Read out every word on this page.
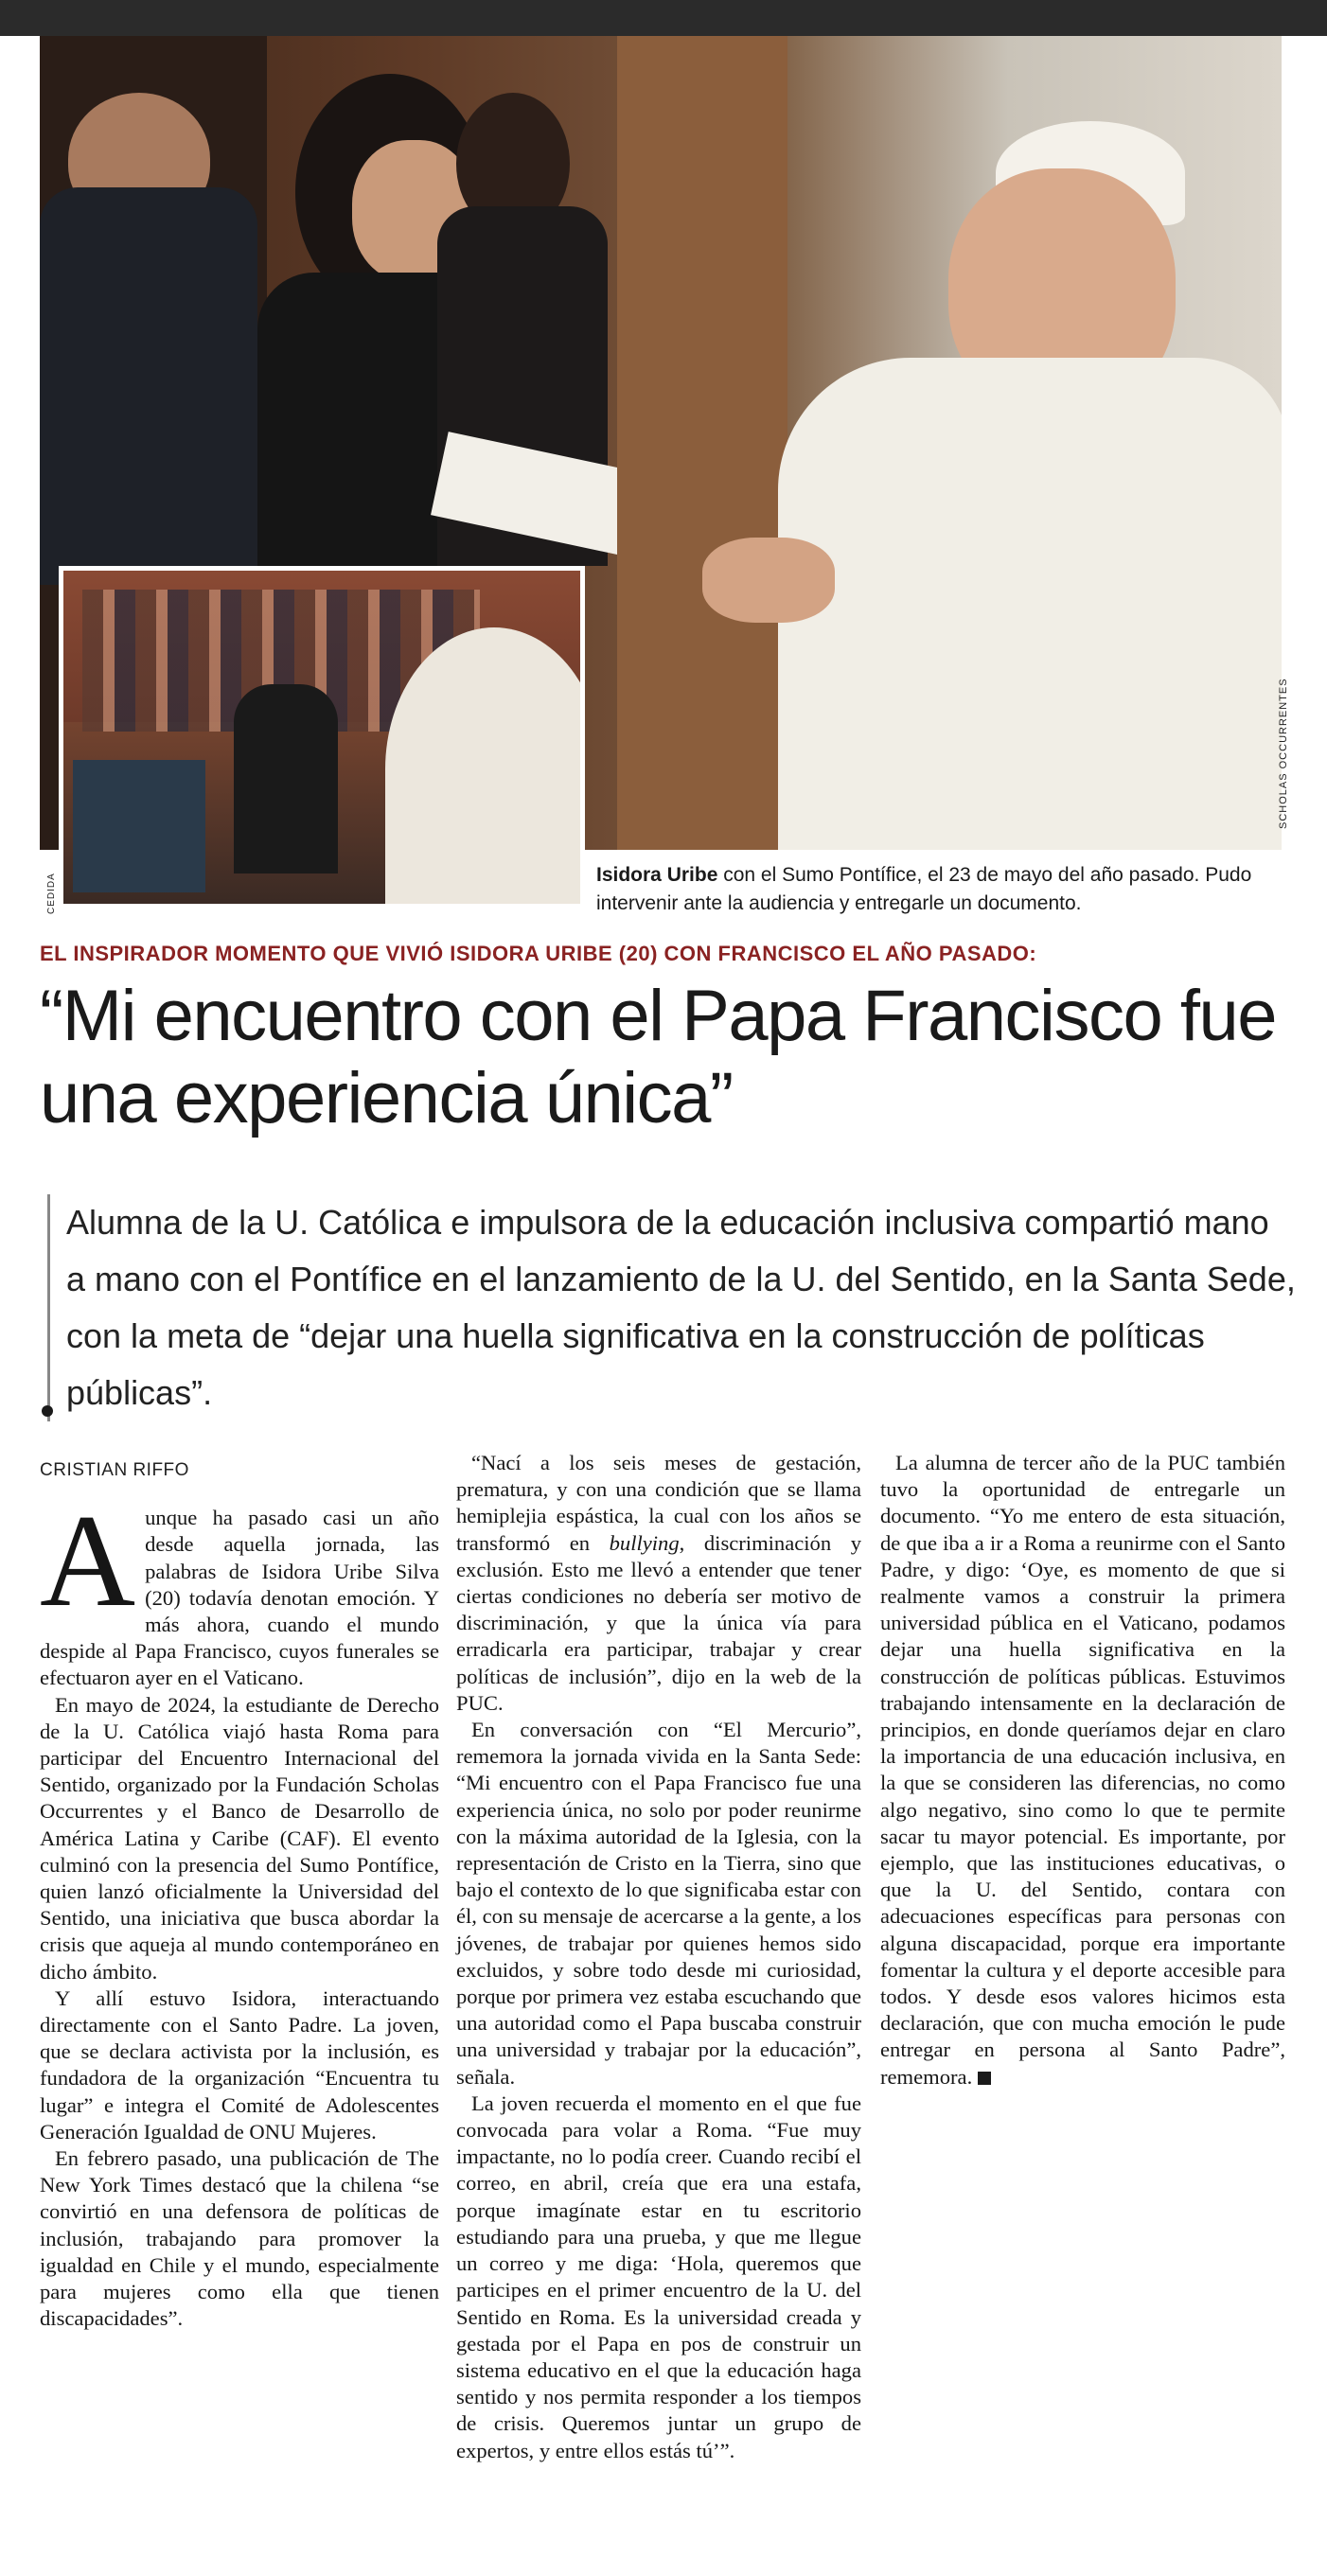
SCHOLAS OCCURRENTES
CEDIDA	Isidora Uribe con el Sumo Pontífice, el 23 de mayo del año pasado. Pudo intervenir ante la audiencia y entregarle un documento.
EL INSPIRADOR MOMENTO QUE VIVIÓ ISIDORA URIBE (20) CON FRANCISCO EL AÑO PASADO:
“Mi encuentro con el Papa Francisco fue una experiencia única”

Alumna de la U. Católica e impulsora de la educación inclusiva compartió mano a mano con el Pontífice en el lanzamiento de la U. del Sentido, en la Santa Sede, con la meta de “dejar una huella significativa en la construcción de políticas públicas”.

CRISTIAN RIFFO

Aunque ha pasado casi un año desde aquella jornada, las palabras de Isidora Uribe Silva (20) todavía denotan emoción. Y más ahora, cuando el mundo despide al Papa Francisco, cuyos funerales se efectuaron ayer en el Vaticano.

En mayo de 2024, la estudiante de Derecho de la U. Católica viajó hasta Roma para participar del Encuentro Internacional del Sentido, organizado por la Fundación Scholas Occurrentes y el Banco de Desarrollo de América Latina y Caribe (CAF). El evento culminó con la presencia del Sumo Pontífice, quien lanzó oficialmente la Universidad del Sentido, una iniciativa que busca abordar la crisis que aqueja al mundo contemporáneo en dicho ámbito.

Y allí estuvo Isidora, interactuando directamente con el Santo Padre. La joven, que se declara activista por la inclusión, es fundadora de la organización “Encuentra tu lugar” e integra el Comité de Adolescentes Generación Igualdad de ONU Mujeres.

En febrero pasado, una publicación de The New York Times destacó que la chilena “se convirtió en una defensora de políticas de inclusión, trabajando para promover la igualdad en Chile y el mundo, especialmente para mujeres como ella que tienen discapacidades”.

“Nací a los seis meses de gestación, prematura, y con una condición que se llama hemiplejia espástica, la cual con los años se transformó en bullying, discriminación y exclusión. Esto me llevó a entender que tener ciertas condiciones no debería ser motivo de discriminación, y que la única vía para erradicarla era participar, trabajar y crear políticas de inclusión”, dijo en la web de la PUC.

En conversación con “El Mercurio”, rememora la jornada vivida en la Santa Sede: “Mi encuentro con el Papa Francisco fue una experiencia única, no solo por poder reunirme con la máxima autoridad de la Iglesia, con la representación de Cristo en la Tierra, sino que bajo el contexto de lo que significaba estar con él, con su mensaje de acercarse a la gente, a los jóvenes, de trabajar por quienes hemos sido excluidos, y sobre todo desde mi curiosidad, porque por primera vez estaba escuchando que una autoridad como el Papa buscaba construir una universidad y trabajar por la educación”, señala.

La joven recuerda el momento en el que fue convocada para volar a Roma. “Fue muy impactante, no lo podía creer. Cuando recibí el correo, en abril, creía que era una estafa, porque imagínate estar en tu escritorio estudiando para una prueba, y que me llegue un correo y me diga: ‘Hola, queremos que participes en el primer encuentro de la U. del Sentido en Roma. Es la universidad creada y gestada por el Papa en pos de construir un sistema educativo en el que la educación haga sentido y nos permita responder a los tiempos de crisis. Queremos juntar un grupo de expertos, y entre ellos estás tú’”.

La alumna de tercer año de la PUC también tuvo la oportunidad de entregarle un documento. “Yo me entero de esta situación, de que iba a ir a Roma a reunirme con el Santo Padre, y digo: ‘Oye, es momento de que si realmente vamos a construir la primera universidad pública en el Vaticano, podamos dejar una huella significativa en la construcción de políticas públicas. Estuvimos trabajando intensamente en la declaración de principios, en donde queríamos dejar en claro la importancia de una educación inclusiva, en la que se consideren las diferencias, no como algo negativo, sino como lo que te permite sacar tu mayor potencial. Es importante, por ejemplo, que las instituciones educativas, o que la U. del Sentido, contara con adecuaciones específicas para personas con alguna discapacidad, porque era importante fomentar la cultura y el deporte accesible para todos. Y desde esos valores hicimos esta declaración, que con mucha emoción le pude entregar en persona al Santo Padre”, rememora.
